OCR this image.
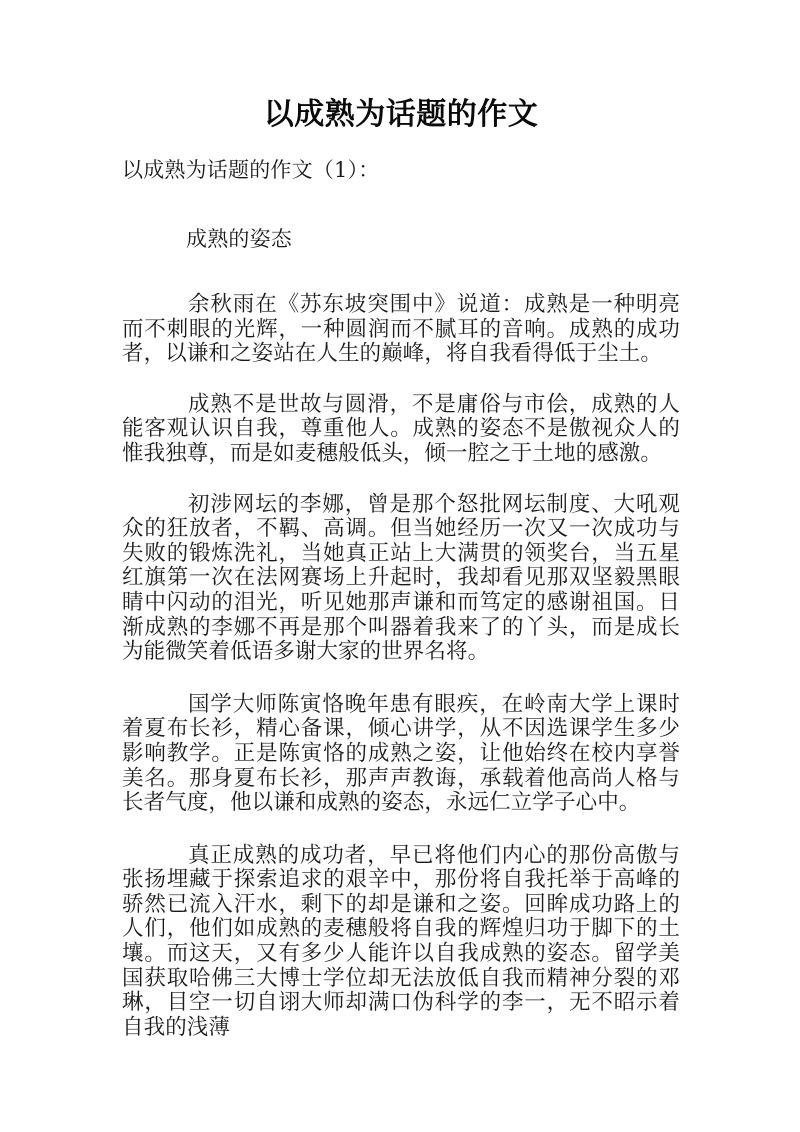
以成熟为话题的作文

以成熟为话题的作文（1）：

成熟的姿态

余秋雨在《苏东坡突围中》说道：成熟是一种明亮而不刺眼的光辉，一种圆润而不腻耳的音响。成熟的成功者，以谦和之姿站在人生的巅峰，将自我看得低于尘土。

成熟不是世故与圆滑，不是庸俗与市侩，成熟的人能客观认识自我，尊重他人。成熟的姿态不是傲视众人的惟我独尊，而是如麦穗般低头，倾一腔之于土地的感激。

初涉网坛的李娜，曾是那个怒批网坛制度、大吼观众的狂放者，不羁、高调。但当她经历一次又一次成功与失败的锻炼洗礼，当她真正站上大满贯的领奖台，当五星红旗第一次在法网赛场上升起时，我却看见那双坚毅黑眼睛中闪动的泪光，听见她那声谦和而笃定的感谢祖国。日渐成熟的李娜不再是那个叫器着我来了的丫头，而是成长为能微笑着低语多谢大家的世界名将。

国学大师陈寅恪晚年患有眼疾，在岭南大学上课时着夏布长衫，精心备课，倾心讲学，从不因选课学生多少影响教学。正是陈寅恪的成熟之姿，让他始终在校内享誉美名。那身夏布长衫，那声声教诲，承载着他高尚人格与长者气度，他以谦和成熟的姿态，永远仁立学子心中。

真正成熟的成功者，早已将他们内心的那份高傲与张扬埋藏于探索追求的艰辛中，那份将自我托举于高峰的骄然已流入汗水，剩下的却是谦和之姿。回眸成功路上的人们，他们如成熟的麦穗般将自我的辉煌归功于脚下的土壤。而这天，又有多少人能许以自我成熟的姿态。留学美国获取哈佛三大博士学位却无法放低自我而精神分裂的邓琳，目空一切自诩大师却满口伪科学的李一，无不昭示着自我的浅薄
